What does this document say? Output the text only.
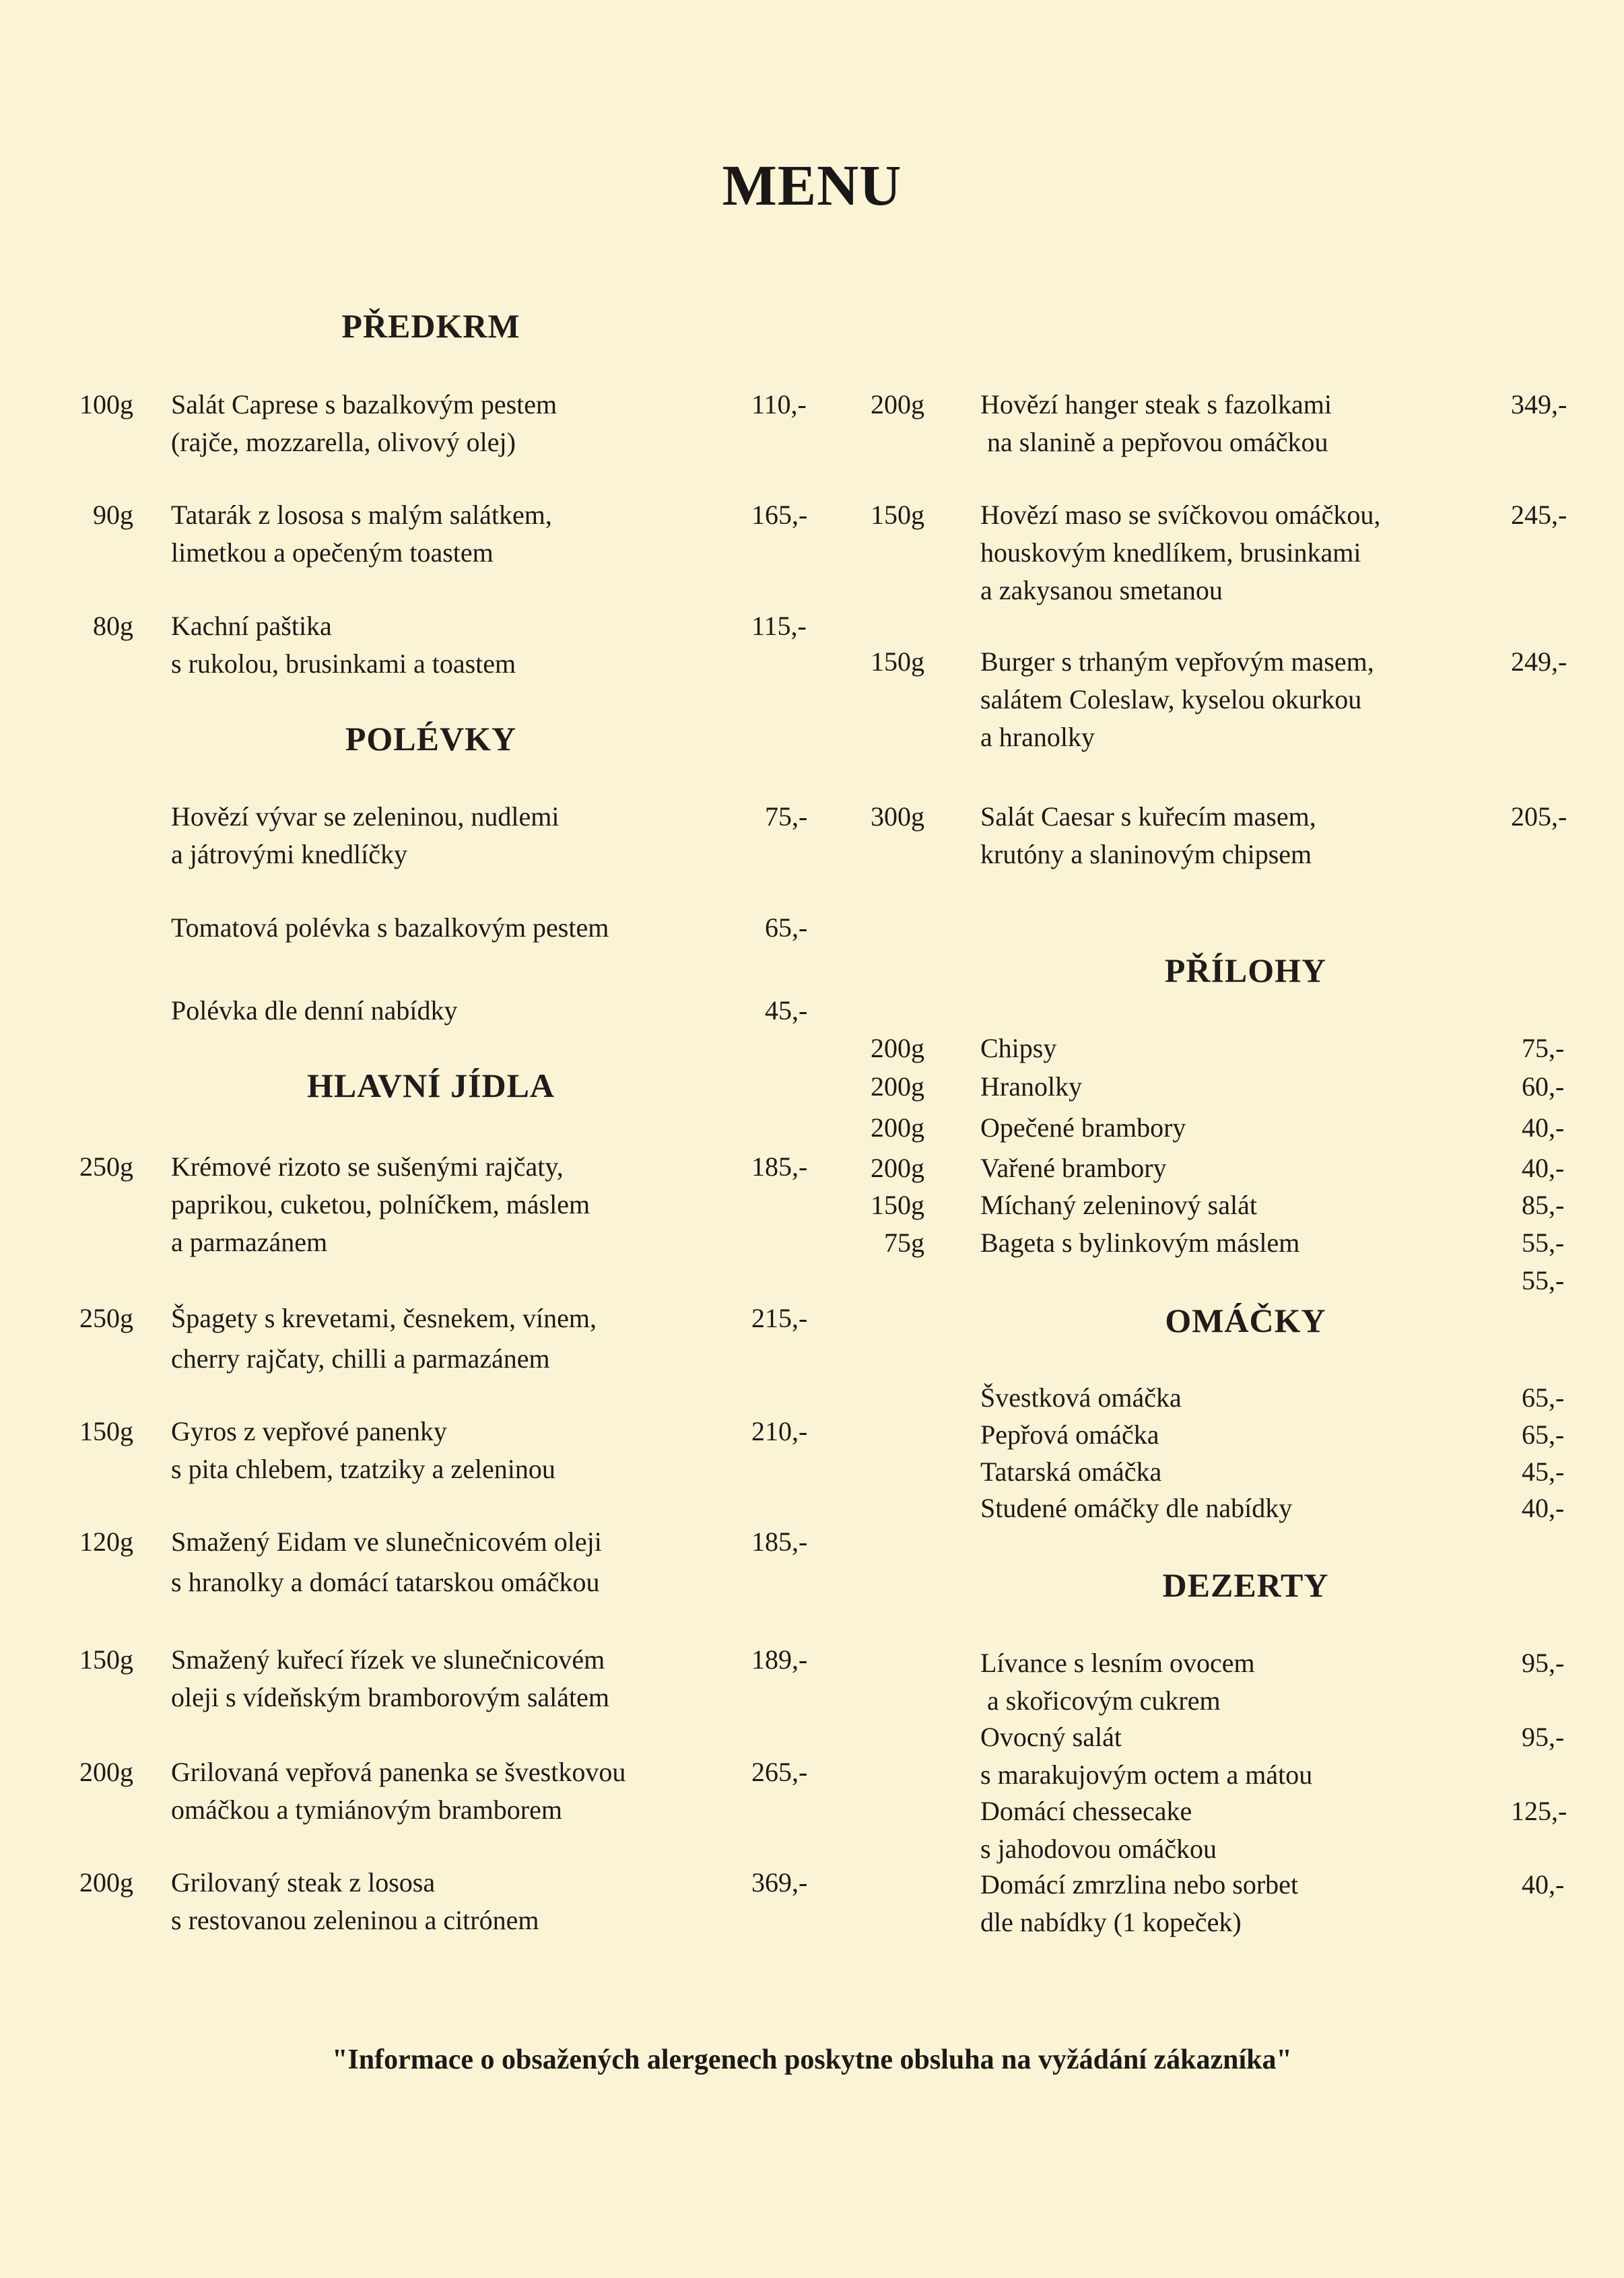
MENU
PŘEDKRM
100g Salát Caprese s bazalkovým pestem
(rajče, mozzarella, olivový olej)
110,-
90g Tatarák z lososa s malým salátkem,
limetkou a opečeným toastem
165,-
80g Kachní paštika
s rukolou, brusinkami a toastem
115,-
POLÉVKY
Hovězí vývar se zeleninou, nudlemi
a játrovými knedlíčky
75,-
Tomatová polévka s bazalkovým pestem	65,-
Polévka dle denní nabídky	45,-
HLAVNÍ JÍDLA
250g Krémové rizoto se sušenými rajčaty,
paprikou, cuketou, polníčkem, máslem
a parmazánem
185,-
250g Špagety s krevetami, česnekem, vínem,
cherry rajčaty, chilli a parmazánem
215,-
150g Gyros z vepřové panenky
s pita chlebem, tzatziky a zeleninou
210,-
120g Smažený Eidam ve slunečnicovém oleji
s hranolky a domácí tatarskou omáčkou
185,-
150g Smažený kuřecí řízek ve slunečnicovém
oleji s vídeňským bramborovým salátem
189,-
200g Grilovaná vepřová panenka se švestkovou
omáčkou a tymiánovým bramborem
265,-
200g Grilovaný steak z lososa
s restovanou zeleninou a citrónem
369,-
200g Hovězí hanger steak s fazolkami
na slanině a pepřovou omáčkou
349,-
150g Hovězí maso se svíčkovou omáčkou,
houskovým knedlíkem, brusinkami
a zakysanou smetanou
245,-
150g Burger s trhaným vepřovým masem,
salátem Coleslaw, kyselou okurkou
a hranolky
249,-
300g Salát Caesar s kuřecím masem,
krutóny a slaninovým chipsem
205,-
PŘÍLOHY
200g Chipsy	75,-
200g Hranolky	60,-
200g Opečené brambory	40,-
200g Vařené brambory	40,-
150g Míchaný zeleninový salát	85,-
75g Bageta s bylinkovým máslem	55,-
55,-
OMÁČKY
Švestková omáčka	65,-
Pepřová omáčka	65,-
Tatarská omáčka	45,-
Studené omáčky dle nabídky	40,-
DEZERTY
Lívance s lesním ovocem
a skořicovým cukrem
95,-
Ovocný salát
s marakujovým octem a mátou
95,-
Domácí chessecake
s jahodovou omáčkou
125,-
Domácí zmrzlina nebo sorbet
dle nabídky (1 kopeček)
40,-
"Informace o obsažených alergenech poskytne obsluha na vyžádání zákazníka"
